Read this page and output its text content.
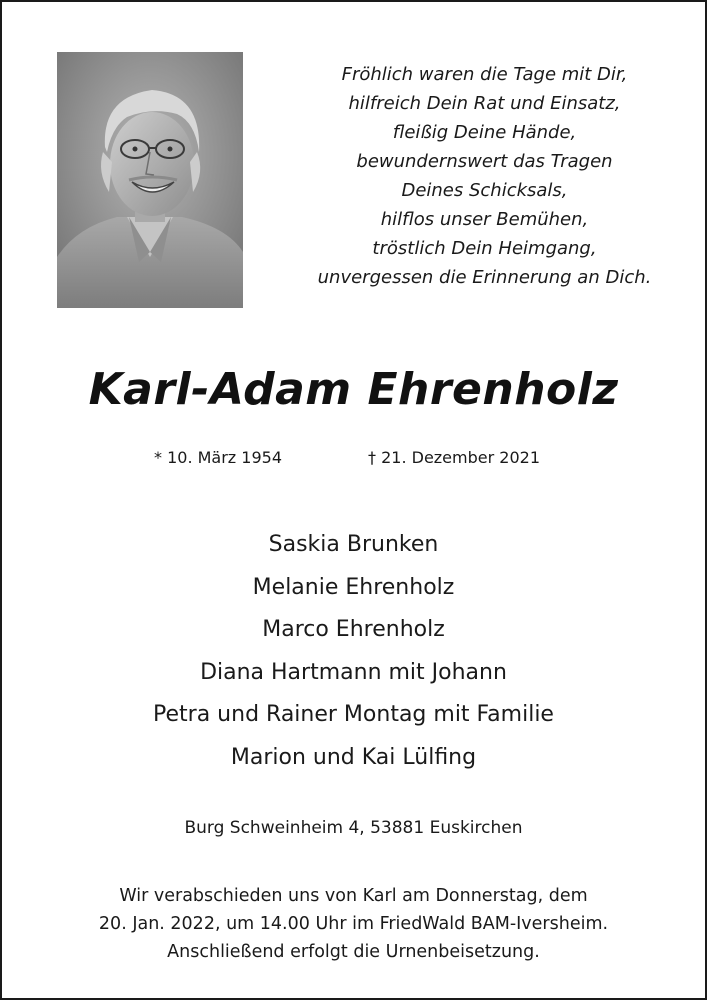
Fröhlich waren die Tage mit Dir,
hilfreich Dein Rat und Einsatz,
fleißig Deine Hände,
bewundernswert das Tragen
Deines Schicksals,
hilflos unser Bemühen,
tröstlich Dein Heimgang,
unvergessen die Erinnerung an Dich.
Karl-Adam Ehrenholz
* 10. März 1954	† 21. Dezember 2021
Saskia Brunken
Melanie Ehrenholz
Marco Ehrenholz
Diana Hartmann mit Johann
Petra und Rainer Montag mit Familie
Marion und Kai Lülfing
Burg Schweinheim 4, 53881 Euskirchen
Wir verabschieden uns von Karl am Donnerstag, dem
20. Jan. 2022, um 14.00 Uhr im FriedWald BAM-Iversheim.
Anschließend erfolgt die Urnenbeisetzung.
